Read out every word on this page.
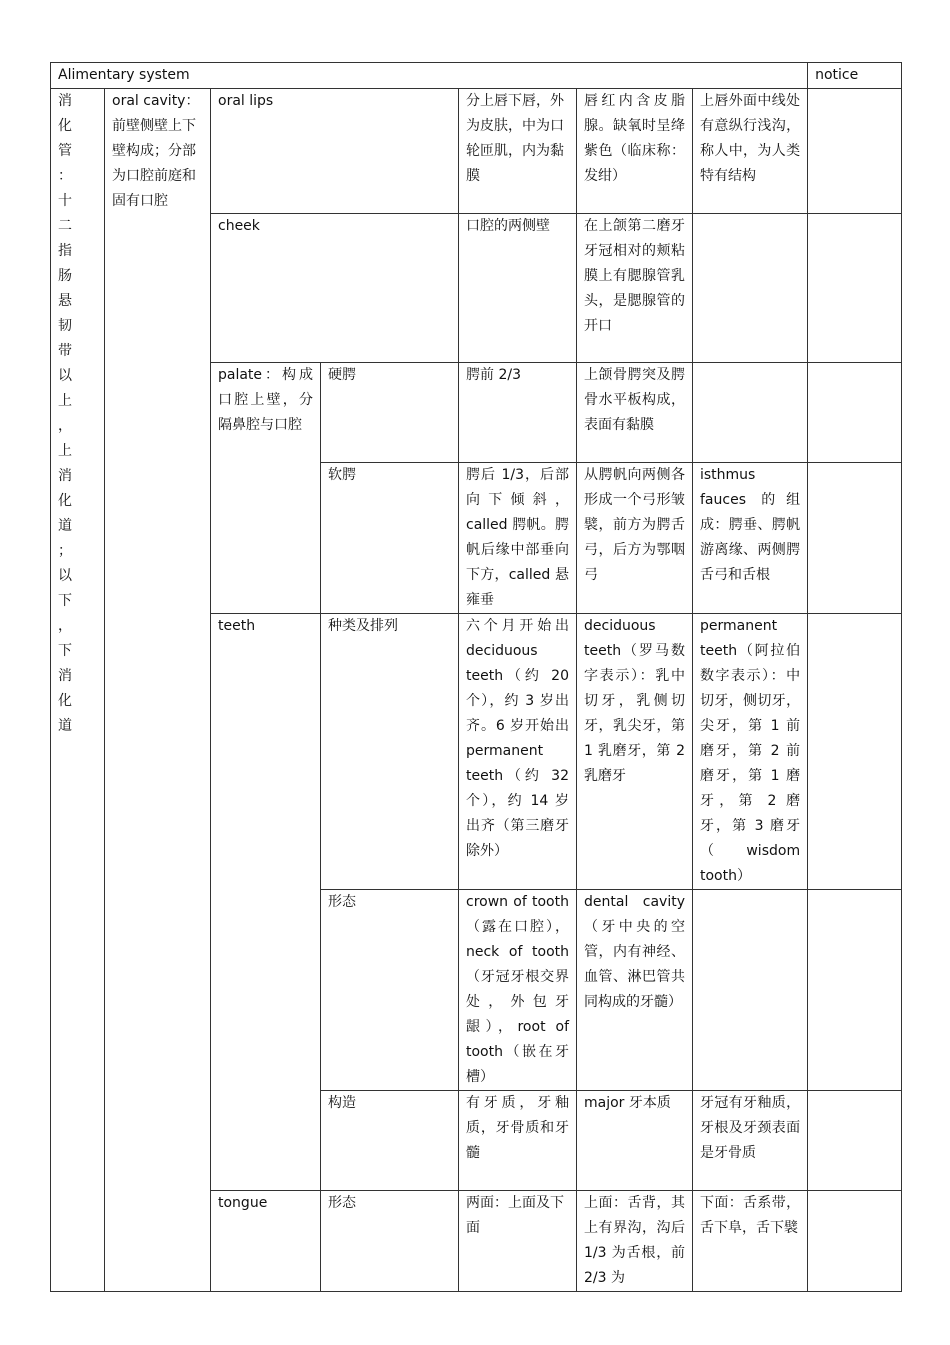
Alimentary system							notice
消化管：十二指肠悬韧带以上，上消化道；以下，下消化道	oral cavity：前壁侧壁上下壁构成；分部为口腔前庭和固有口腔	oral lips		分上唇下唇，外为皮肤，中为口轮匝肌，内为黏膜	唇红内含皮脂腺。缺氧时呈绛紫色（临床称：发绀）	上唇外面中线处有意纵行浅沟，称人中，为人类特有结构	
		cheek		口腔的两侧壁	在上颌第二磨牙牙冠相对的颊粘膜上有腮腺管乳头，是腮腺管的开口		
		palate：构成口腔上壁，分隔鼻腔与口腔	硬腭	腭前 2/3	上颌骨腭突及腭骨水平板构成，表面有黏膜		
			软腭	腭后 1/3，后部向下倾斜，called 腭帆。腭帆后缘中部垂向下方，called 悬雍垂	从腭帆向两侧各形成一个弓形皱襞，前方为腭舌弓，后方为鄂咽弓	isthmus fauces 的组成：腭垂、腭帆游离缘、两侧腭舌弓和舌根	
		teeth	种类及排列	六个月开始出 deciduous teeth（约 20 个），约 3 岁出齐。6 岁开始出 permanent teeth（约 32 个），约 14 岁出齐（第三磨牙除外）	deciduous teeth（罗马数字表示）：乳中切牙，乳侧切牙，乳尖牙，第 1 乳磨牙，第 2 乳磨牙	permanent teeth（阿拉伯数字表示）：中切牙，侧切牙，尖牙，第 1 前磨牙，第 2 前磨牙，第 1 磨牙，第 2 磨牙，第 3 磨牙（wisdom tooth）	
			形态	crown of tooth（露在口腔），neck of tooth（牙冠牙根交界处，外包牙龈），root of tooth（嵌在牙槽）	dental cavity（牙中央的空管，内有神经、血管、淋巴管共同构成的牙髓）		
			构造	有牙质，牙釉质，牙骨质和牙髓	major 牙本质	牙冠有牙釉质，牙根及牙颈表面是牙骨质	
		tongue	形态	两面：上面及下面	上面：舌背，其上有界沟，沟后 1/3 为舌根，前 2/3 为	下面：舌系带，舌下阜，舌下襞	
